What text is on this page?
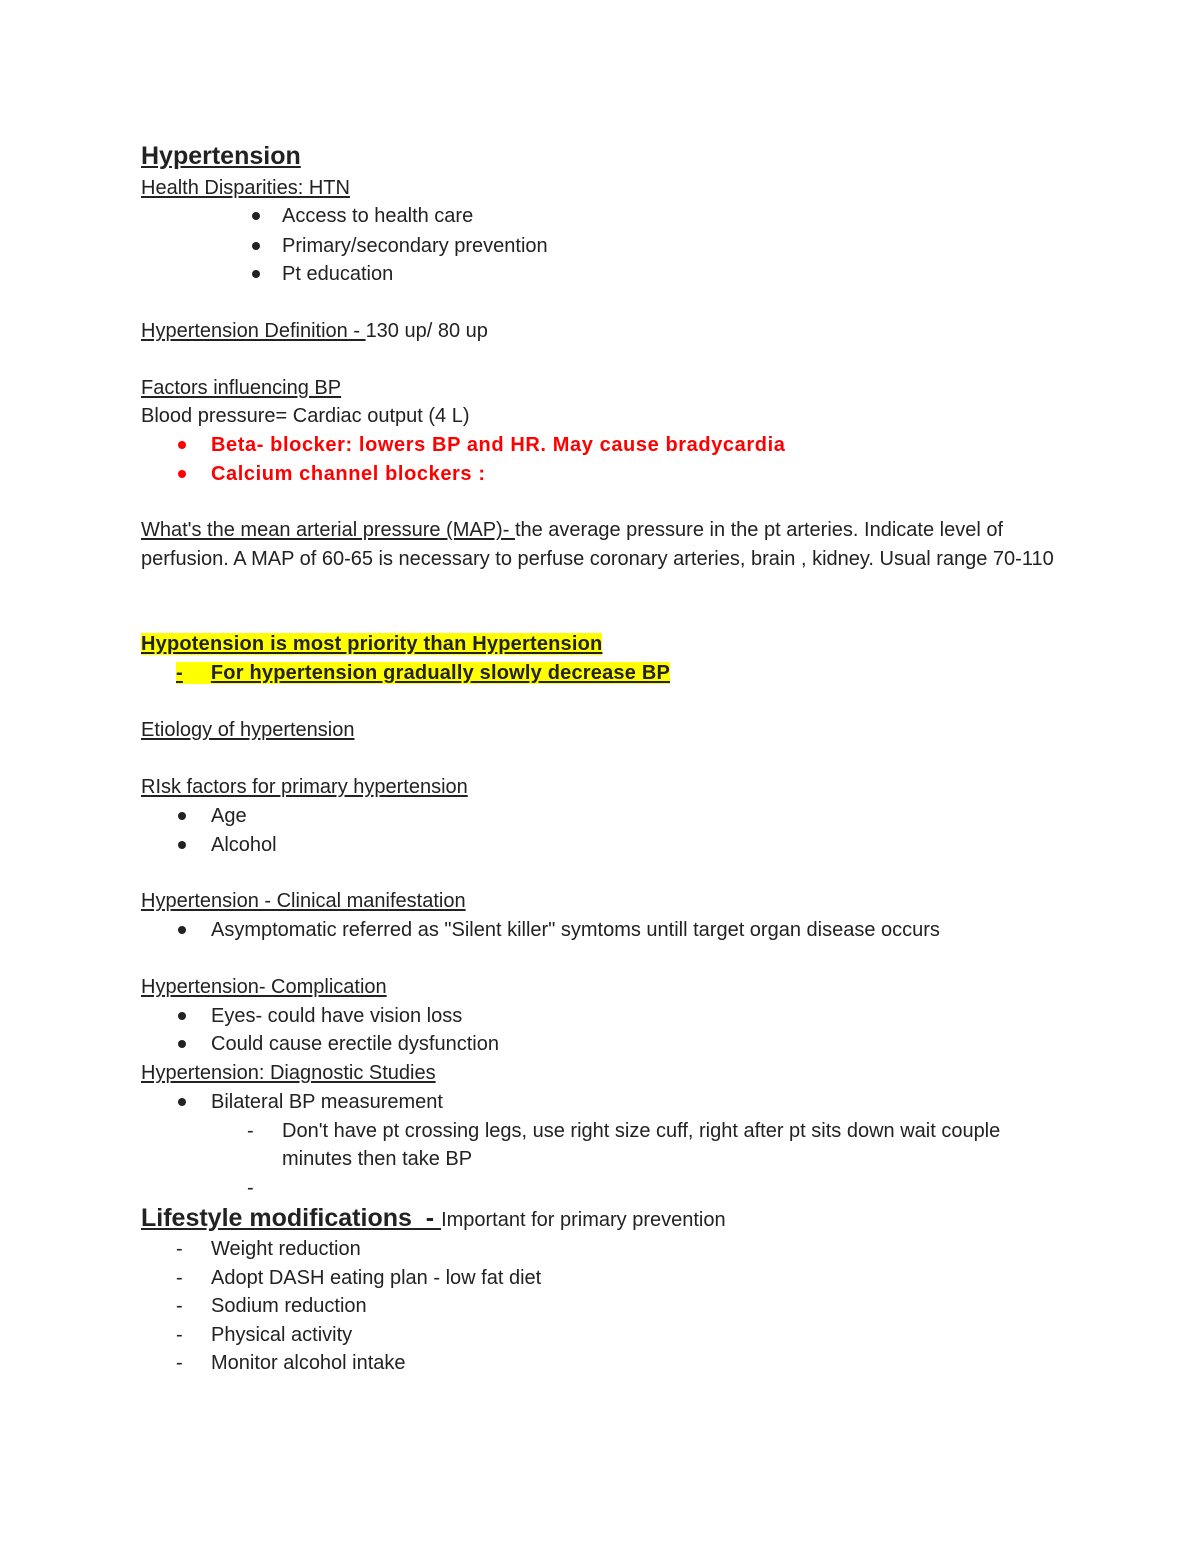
Hypertension
Health Disparities: HTN
Access to health care
Primary/secondary prevention
Pt education
Hypertension Definition - 130 up/ 80 up
Factors influencing BP
Blood pressure= Cardiac output (4 L)
Beta- blocker: lowers BP and HR. May cause bradycardia
Calcium channel blockers :
What's the mean arterial pressure (MAP)- the average pressure in the pt arteries. Indicate level of perfusion. A MAP of 60-65 is necessary to perfuse coronary arteries, brain , kidney. Usual range 70-110
Hypotension is most priority than Hypertension
- For hypertension gradually slowly decrease BP
Etiology of hypertension
RIsk factors for primary hypertension
Age
Alcohol
Hypertension - Clinical manifestation
Asymptomatic referred as "Silent killer" symtoms untill target organ disease occurs
Hypertension- Complication
Eyes- could have vision loss
Could cause erectile dysfunction
Hypertension: Diagnostic Studies
Bilateral BP measurement
- Don't have pt crossing legs, use right size cuff, right after pt sits down wait couple minutes then take BP
-
Lifestyle modifications  - Important for primary prevention
- Weight reduction
- Adopt DASH eating plan - low fat diet
- Sodium reduction
- Physical activity
- Monitor alcohol intake
